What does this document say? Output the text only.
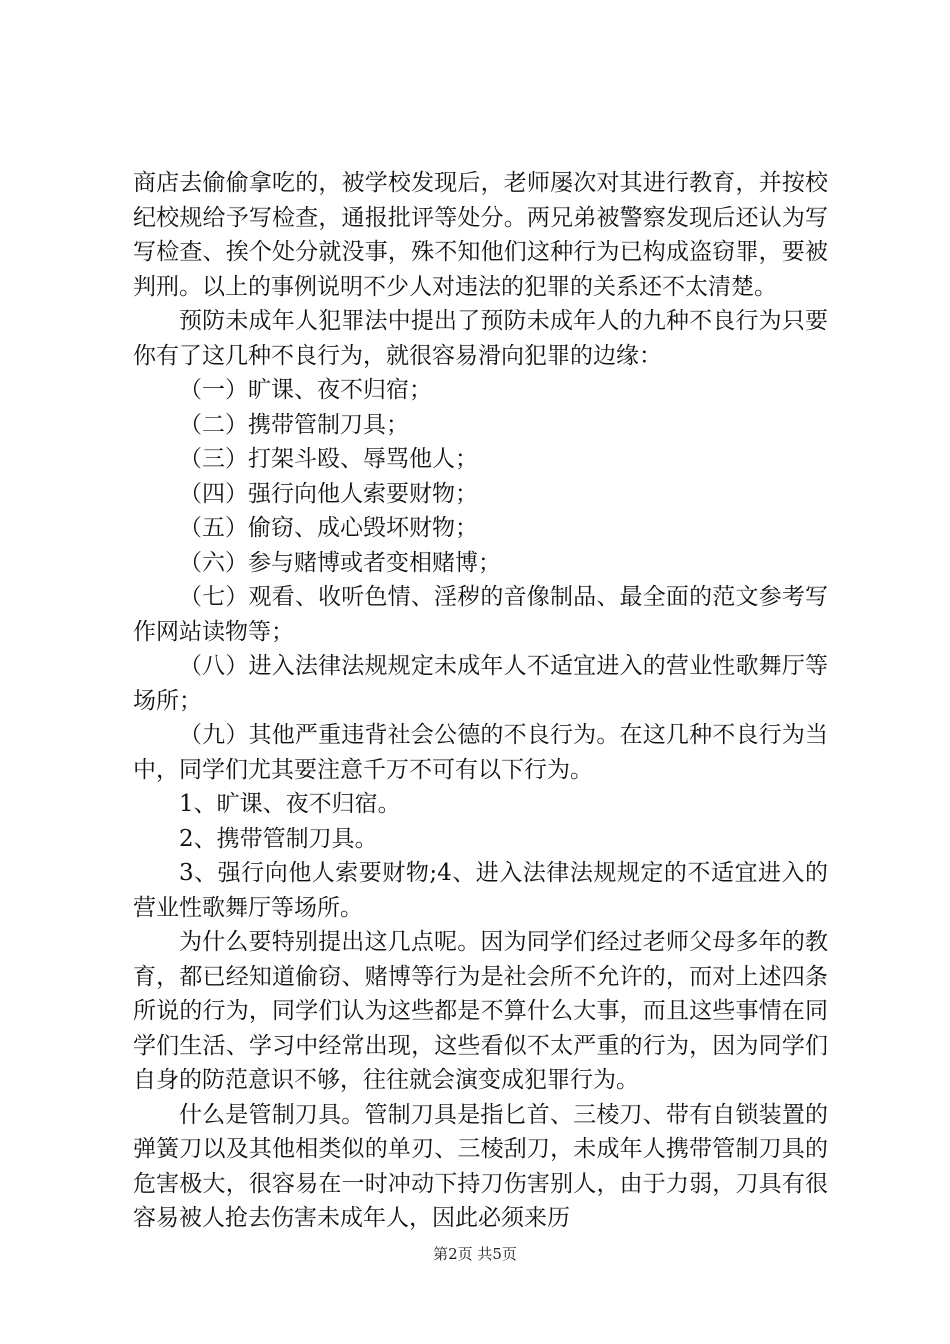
商店去偷偷拿吃的，被学校发现后，老师屡次对其进行教育，并按校纪校规给予写检查，通报批评等处分。两兄弟被警察发现后还认为写写检查、挨个处分就没事，殊不知他们这种行为已构成盗窃罪，要被判刑。以上的事例说明不少人对违法的犯罪的关系还不太清楚。

预防未成年人犯罪法中提出了预防未成年人的九种不良行为只要你有了这几种不良行为，就很容易滑向犯罪的边缘：

（一）旷课、夜不归宿；

（二）携带管制刀具；

（三）打架斗殴、辱骂他人；

（四）强行向他人索要财物；

（五）偷窃、成心毁坏财物；

（六）参与赌博或者变相赌博；

（七）观看、收听色情、淫秽的音像制品、最全面的范文参考写作网站读物等；

（八）进入法律法规规定未成年人不适宜进入的营业性歌舞厅等场所；

（九）其他严重违背社会公德的不良行为。在这几种不良行为当中，同学们尤其要注意千万不可有以下行为。

1、旷课、夜不归宿。

2、携带管制刀具。

3、强行向他人索要财物;4、进入法律法规规定的不适宜进入的营业性歌舞厅等场所。

为什么要特别提出这几点呢。因为同学们经过老师父母多年的教育，都已经知道偷窃、赌博等行为是社会所不允许的，而对上述四条所说的行为，同学们认为这些都是不算什么大事，而且这些事情在同学们生活、学习中经常出现，这些看似不太严重的行为，因为同学们自身的防范意识不够，往往就会演变成犯罪行为。

什么是管制刀具。管制刀具是指匕首、三棱刀、带有自锁装置的弹簧刀以及其他相类似的单刃、三棱刮刀，未成年人携带管制刀具的危害极大，很容易在一时冲动下持刀伤害别人，由于力弱，刀具有很容易被人抢去伤害未成年人，因此必须来历

第2页 共5页
